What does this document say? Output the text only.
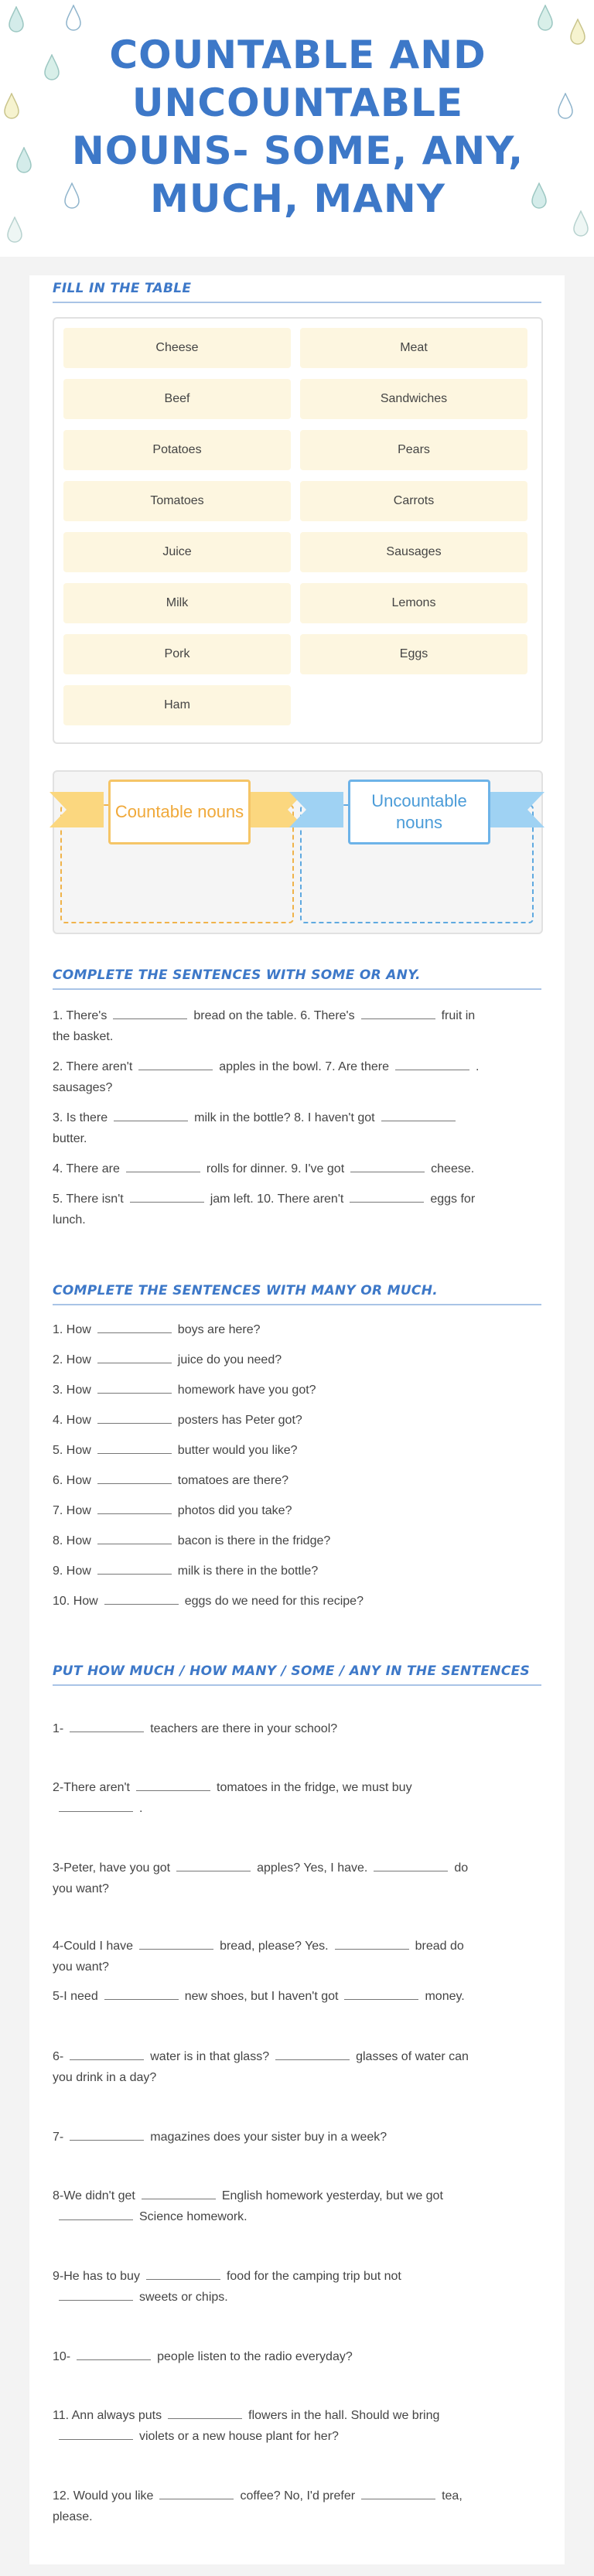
COUNTABLE AND UNCOUNTABLE NOUNS- SOME, ANY, MUCH, MANY
FILL IN THE TABLE
Cheese	Meat
Beef	Sandwiches
Potatoes	Pears
Tomatoes	Carrots
Juice	Sausages
Milk	Lemons
Pork	Eggs
Ham
Countable nouns
Uncountable nouns
COMPLETE THE SENTENCES WITH SOME OR ANY.
1. There's	bread on the table. 6. There's	fruit in
the basket.
2. There aren't	apples in the bowl. 7. Are there	.
sausages?
3. Is there	milk in the bottle? 8. I haven't got
butter.
4. There are	rolls for dinner. 9. I've got	cheese.
5. There isn't	jam left. 10. There aren't	eggs for
lunch.
COMPLETE THE SENTENCES WITH MANY OR MUCH.
1. How	boys are here?
2. How	juice do you need?
3. How	homework have you got?
4. How	posters has Peter got?
5. How	butter would you like?
6. How	tomatoes are there?
7. How	photos did you take?
8. How	bacon is there in the fridge?
9. How	milk is there in the bottle?
10. How	eggs do we need for this recipe?
PUT HOW MUCH / HOW MANY / SOME / ANY IN THE SENTENCES
1-	teachers are there in your school?
2-There aren't	tomatoes in the fridge, we must buy
.
3-Peter, have you got	apples? Yes, I have.	do
you want?
4-Could I have	bread, please? Yes.	bread do
you want?
5-I need	new shoes, but I haven't got	money.
6-	water is in that glass?	glasses of water can
you drink in a day?
7-	magazines does your sister buy in a week?
8-We didn't get	English homework yesterday, but we got
Science homework.
9-He has to buy	food for the camping trip but not
sweets or chips.
10-	people listen to the radio everyday?
11. Ann always puts	flowers in the hall. Should we bring
violets or a new house plant for her?
12. Would you like	coffee? No, I'd prefer	tea,
please.
